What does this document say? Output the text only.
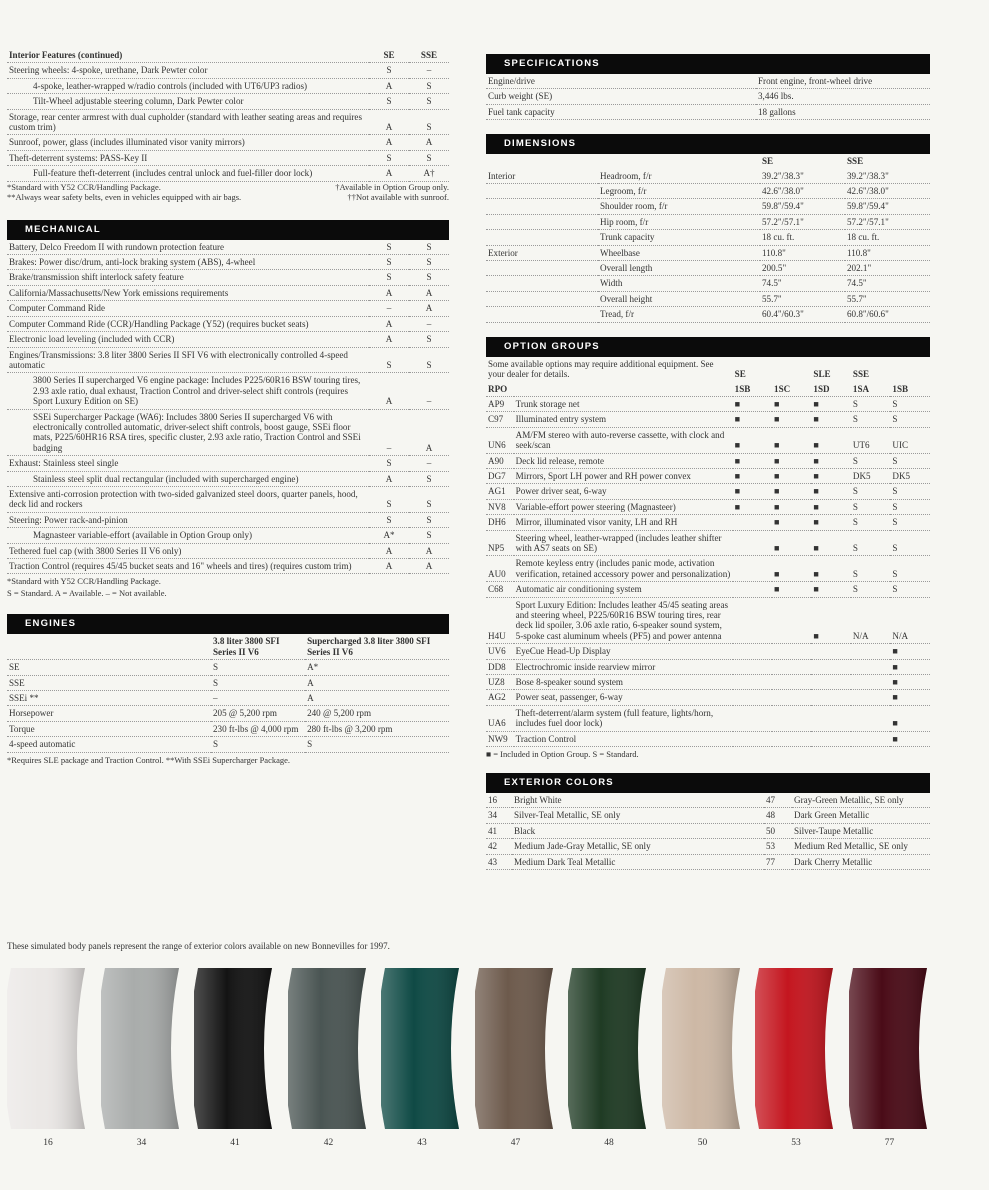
Interior Features (continued)	SE	SSE
Steering wheels: 4-spoke, urethane, Dark Pewter color	S	–
4-spoke, leather-wrapped w/radio controls (included with UT6/UP3 radios)	A	S
Tilt-Wheel adjustable steering column, Dark Pewter color	S	S
Storage, rear center armrest with dual cupholder (standard with leather seating areas and requires custom trim)	A	S
Sunroof, power, glass (includes illuminated visor vanity mirrors)	A	A
Theft-deterrent systems: PASS-Key II	S	S
Full-feature theft-deterrent (includes central unlock and fuel-filler door lock)	A	A†
*Standard with Y52 CCR/Handling Package.	†Available in Option Group only.
**Always wear safety belts, even in vehicles equipped with air bags.	††Not available with sunroof.
MECHANICAL
Battery, Delco Freedom II with rundown protection feature	S	S
Brakes: Power disc/drum, anti-lock braking system (ABS), 4-wheel	S	S
Brake/transmission shift interlock safety feature	S	S
California/Massachusetts/New York emissions requirements	A	A
Computer Command Ride	–	A
Computer Command Ride (CCR)/Handling Package (Y52) (requires bucket seats)	A	–
Electronic load leveling (included with CCR)	A	S
Engines/Transmissions: 3.8 liter 3800 Series II SFI V6 with electronically controlled 4-speed automatic	S	S
3800 Series II supercharged V6 engine package: Includes P225/60R16 BSW touring tires, 2.93 axle ratio, dual exhaust, Traction Control and driver-select shift controls (requires Sport Luxury Edition on SE)	A	–
SSEi Supercharger Package (WA6): Includes 3800 Series II supercharged V6 with electronically controlled automatic, driver-select shift controls, boost gauge, SSEi floor mats, P225/60HR16 RSA tires, specific cluster, 2.93 axle ratio, Traction Control and SSEi badging	–	A
Exhaust: Stainless steel single	S	–
Stainless steel split dual rectangular (included with supercharged engine)	A	S
Extensive anti-corrosion protection with two-sided galvanized steel doors, quarter panels, hood, deck lid and rockers	S	S
Steering: Power rack-and-pinion	S	S
Magnasteer variable-effort (available in Option Group only)	A*	S
Tethered fuel cap (with 3800 Series II V6 only)	A	A
Traction Control (requires 45/45 bucket seats and 16" wheels and tires) (requires custom trim)	A	A
*Standard with Y52 CCR/Handling Package.
S = Standard. A = Available. – = Not available.
ENGINES
	3.8 liter 3800 SFI Series II V6	Supercharged 3.8 liter 3800 SFI Series II V6
SE	S	A*
SSE	S	A
SSEi **	–	A
Horsepower	205 @ 5,200 rpm	240 @ 5,200 rpm
Torque	230 ft-lbs @ 4,000 rpm	280 ft-lbs @ 3,200 rpm
4-speed automatic	S	S
*Requires SLE package and Traction Control. **With SSEi Supercharger Package.
SPECIFICATIONS
Engine/drive	Front engine, front-wheel drive
Curb weight (SE)	3,446 lbs.
Fuel tank capacity	18 gallons
DIMENSIONS
		SE	SSE
Interior	Headroom, f/r	39.2"/38.3"	39.2"/38.3"
	Legroom, f/r	42.6"/38.0"	42.6"/38.0"
	Shoulder room, f/r	59.8"/59.4"	59.8"/59.4"
	Hip room, f/r	57.2"/57.1"	57.2"/57.1"
	Trunk capacity	18 cu. ft.	18 cu. ft.
Exterior	Wheelbase	110.8"	110.8"
	Overall length	200.5"	202.1"
	Width	74.5"	74.5"
	Overall height	55.7"	55.7"
	Tread, f/r	60.4"/60.3"	60.8"/60.6"
OPTION GROUPS
Some available options may require additional equipment. See your dealer for details.		SE		SLE	SSE	
RPO		1SB	1SC	1SD	1SA	1SB
AP9	Trunk storage net	■	■	■	S	S
C97	Illuminated entry system	■	■	■	S	S
UN6	AM/FM stereo with auto-reverse cassette, with clock and seek/scan	■	■	■	UT6	UIC
A90	Deck lid release, remote	■	■	■	S	S
DG7	Mirrors, Sport LH power and RH power convex	■	■	■	DK5	DK5
AG1	Power driver seat, 6-way	■	■	■	S	S
NV8	Variable-effort power steering (Magnasteer)	■	■	■	S	S
DH6	Mirror, illuminated visor vanity, LH and RH		■	■	S	S
NP5	Steering wheel, leather-wrapped (includes leather shifter with AS7 seats on SE)		■	■	S	S
AU0	Remote keyless entry (includes panic mode, activation verification, retained accessory power and personalization)		■	■	S	S
C68	Automatic air conditioning system		■	■	S	S
H4U	Sport Luxury Edition: Includes leather 45/45 seating areas and steering wheel, P225/60R16 BSW touring tires, rear deck lid spoiler, 3.06 axle ratio, 6-speaker sound system, 5-spoke cast aluminum wheels (PF5) and power antenna			■	N/A	N/A
UV6	EyeCue Head-Up Display					■
DD8	Electrochromic inside rearview mirror					■
UZ8	Bose 8-speaker sound system					■
AG2	Power seat, passenger, 6-way					■
UA6	Theft-deterrent/alarm system (full feature, lights/horn, includes fuel door lock)					■
NW9	Traction Control					■
■ = Included in Option Group. S = Standard.
EXTERIOR COLORS
16	Bright White	47	Gray-Green Metallic, SE only
34	Silver-Teal Metallic, SE only	48	Dark Green Metallic
41	Black	50	Silver-Taupe Metallic
42	Medium Jade-Gray Metallic, SE only	53	Medium Red Metallic, SE only
43	Medium Dark Teal Metallic	77	Dark Cherry Metallic
These simulated body panels represent the range of exterior colors available on new Bonnevilles for 1997.
16	34	41	42	43	47	48	50	53	77
